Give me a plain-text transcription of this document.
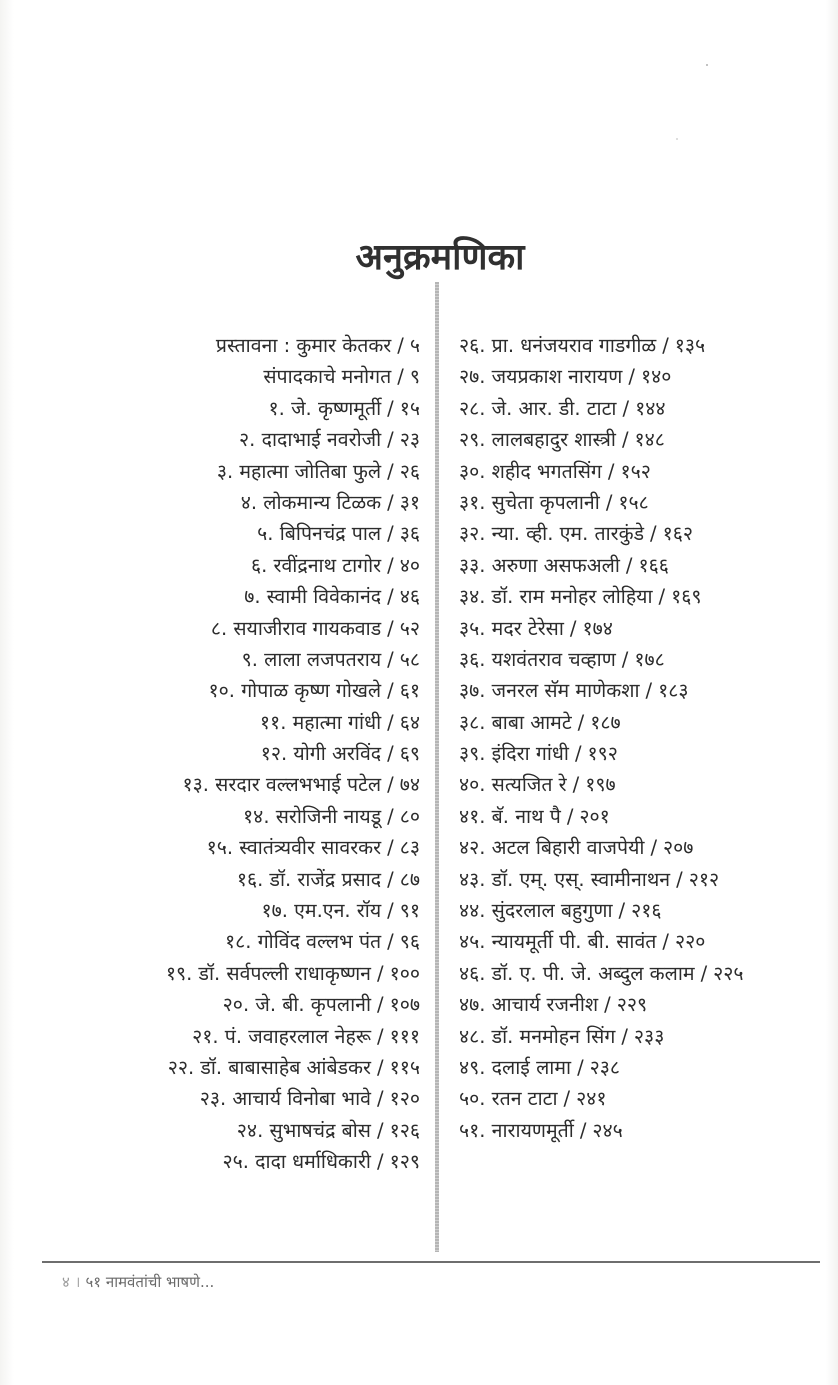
अनुक्रमणिका
प्रस्तावना : कुमार केतकर / ५
संपादकाचे मनोगत / ९
१. जे. कृष्णमूर्ती / १५
२. दादाभाई नवरोजी / २३
३. महात्मा जोतिबा फुले / २६
४. लोकमान्य टिळक / ३१
५. बिपिनचंद्र पाल / ३६
६. रवींद्रनाथ टागोर / ४०
७. स्वामी विवेकानंद / ४६
८. सयाजीराव गायकवाड / ५२
९. लाला लजपतराय / ५८
१०. गोपाळ कृष्ण गोखले / ६१
११. महात्मा गांधी / ६४
१२. योगी अरविंद / ६९
१३. सरदार वल्लभभाई पटेल / ७४
१४. सरोजिनी नायडू / ८०
१५. स्वातंत्र्यवीर सावरकर / ८३
१६. डॉ. राजेंद्र प्रसाद / ८७
१७. एम.एन. रॉय / ९१
१८. गोविंद वल्लभ पंत / ९६
१९. डॉ. सर्वपल्ली राधाकृष्णन / १००
२०. जे. बी. कृपलानी / १०७
२१. पं. जवाहरलाल नेहरू / १११
२२. डॉ. बाबासाहेब आंबेडकर / ११५
२३. आचार्य विनोबा भावे / १२०
२४. सुभाषचंद्र बोस / १२६
२५. दादा धर्माधिकारी / १२९
२६. प्रा. धनंजयराव गाडगीळ / १३५
२७. जयप्रकाश नारायण / १४०
२८. जे. आर. डी. टाटा / १४४
२९. लालबहादुर शास्त्री / १४८
३०. शहीद भगतसिंग / १५२
३१. सुचेता कृपलानी / १५८
३२. न्या. व्ही. एम. तारकुंडे / १६२
३३. अरुणा असफअली / १६६
३४. डॉ. राम मनोहर लोहिया / १६९
३५. मदर टेरेसा / १७४
३६. यशवंतराव चव्हाण / १७८
३७. जनरल सॅम माणेकशा / १८३
३८. बाबा आमटे / १८७
३९. इंदिरा गांधी / १९२
४०. सत्यजित रे / १९७
४१. बॅ. नाथ पै / २०१
४२. अटल बिहारी वाजपेयी / २०७
४३. डॉ. एम्. एस्. स्वामीनाथन / २१२
४४. सुंदरलाल बहुगुणा / २१६
४५. न्यायमूर्ती पी. बी. सावंत / २२०
४६. डॉ. ए. पी. जे. अब्दुल कलाम / २२५
४७. आचार्य रजनीश / २२९
४८. डॉ. मनमोहन सिंग / २३३
४९. दलाई लामा / २३८
५०. रतन टाटा / २४१
५१. नारायणमूर्ती / २४५
४ । ५१ नामवंतांची भाषणे...
